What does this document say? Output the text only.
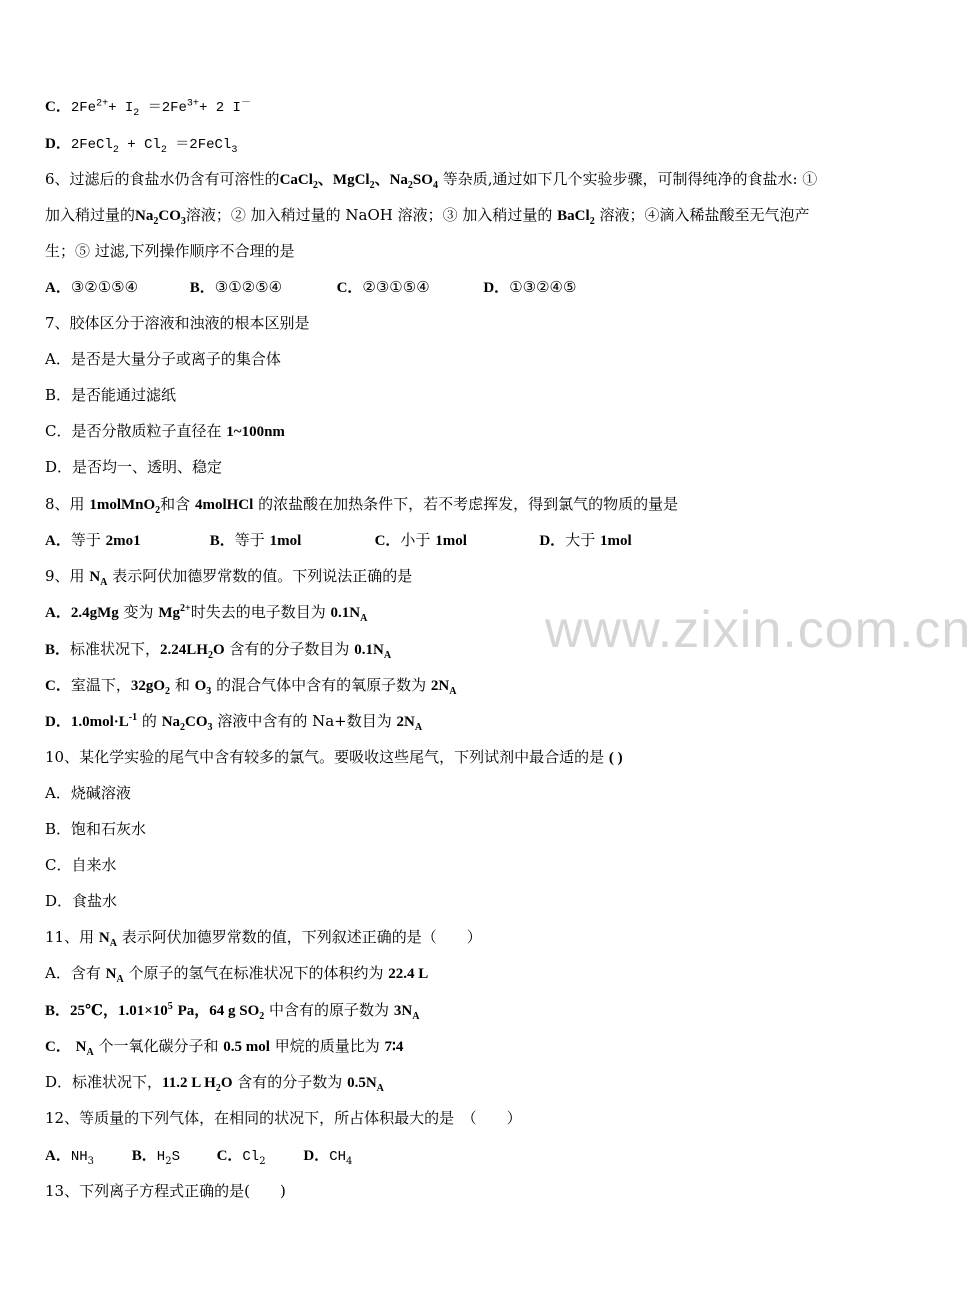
www.zixin.com.cn
C．$2Fe^{2+}+ I_2 =2Fe^{3+}+ 2$ I－
D．2FeCl$_2$ + $Cl_2$ ＝2FeCl$_3$
6、过滤后的食盐水仍含有可溶性的CaCl$_2$、MgCl$_2$、$Na_2SO_4$ 等杂质,通过如下几个实验步骤，可制得纯净的食盐水: ①
加入稍过量的$Na_2CO_3$溶液；② 加入稍过量的 NaOH 溶液；③ 加入稍过量的 BaCl$_2$ 溶液；④滴入稀盐酸至无气泡产
生；⑤ 过滤,下列操作顺序不合理的是
A．③②①⑤④	B．③①②⑤④	C．②③①⑤④	D．①③②④⑤
7、胶体区分于溶液和浊液的根本区别是
A．是否是大量分子或离子的集合体
B．是否能通过滤纸
C．是否分散质粒子直径在 1~100nm
D．是否均一、透明、稳定
8、用 1molMnO$_2$和含 4molHCl 的浓盐酸在加热条件下，若不考虑挥发，得到氯气的物质的量是
A．等于 2mo1	B．等于 1mol	C．小于 1mol	D．大于 1mol
9、用 $N_A$ 表示阿伏加德罗常数的值。下列说法正确的是
A．2.4gMg 变为 $Mg^{2+}$时失去的电子数目为 $0.1N_A$
B．标准状况下，$2.24LH_2O$ 含有的分子数目为 $0.1N_A$
C．室温下，$32gO_2$ 和 $O_3$ 的混合气体中含有的氧原子数为 $2N_A$
D．$1.0mol\cdot L^{-1}$ 的 $Na_2CO_3$ 溶液中含有的 Na+数目为 $2N_A$
10、某化学实验的尾气中含有较多的氯气。要吸收这些尾气，下列试剂中最合适的是 ( )
A．烧碱溶液
B．饱和石灰水
C．自来水
D．食盐水
11、用 $N_A$ 表示阿伏加德罗常数的值，下列叙述正确的是（　　）
A．含有 $N_A$ 个原子的氢气在标准状况下的体积约为 22.4 L
B．25℃，$1.01\times 10^5$ Pa，64 g $SO_2$ 中含有的原子数为 $3N_A$
C． $N_A$ 个一氧化碳分子和 0.5 mol 甲烷的质量比为 7∶4
D．标准状况下，11.2 L $H_2O$ 含有的分子数为 $0.5N_A$
12、等质量的下列气体，在相同的状况下，所占体积最大的是　（　　）
A．$NH_3$	B．$H_2S$ C．$Cl_2$	D．$CH_4$
13、下列离子方程式正确的是(　　)
